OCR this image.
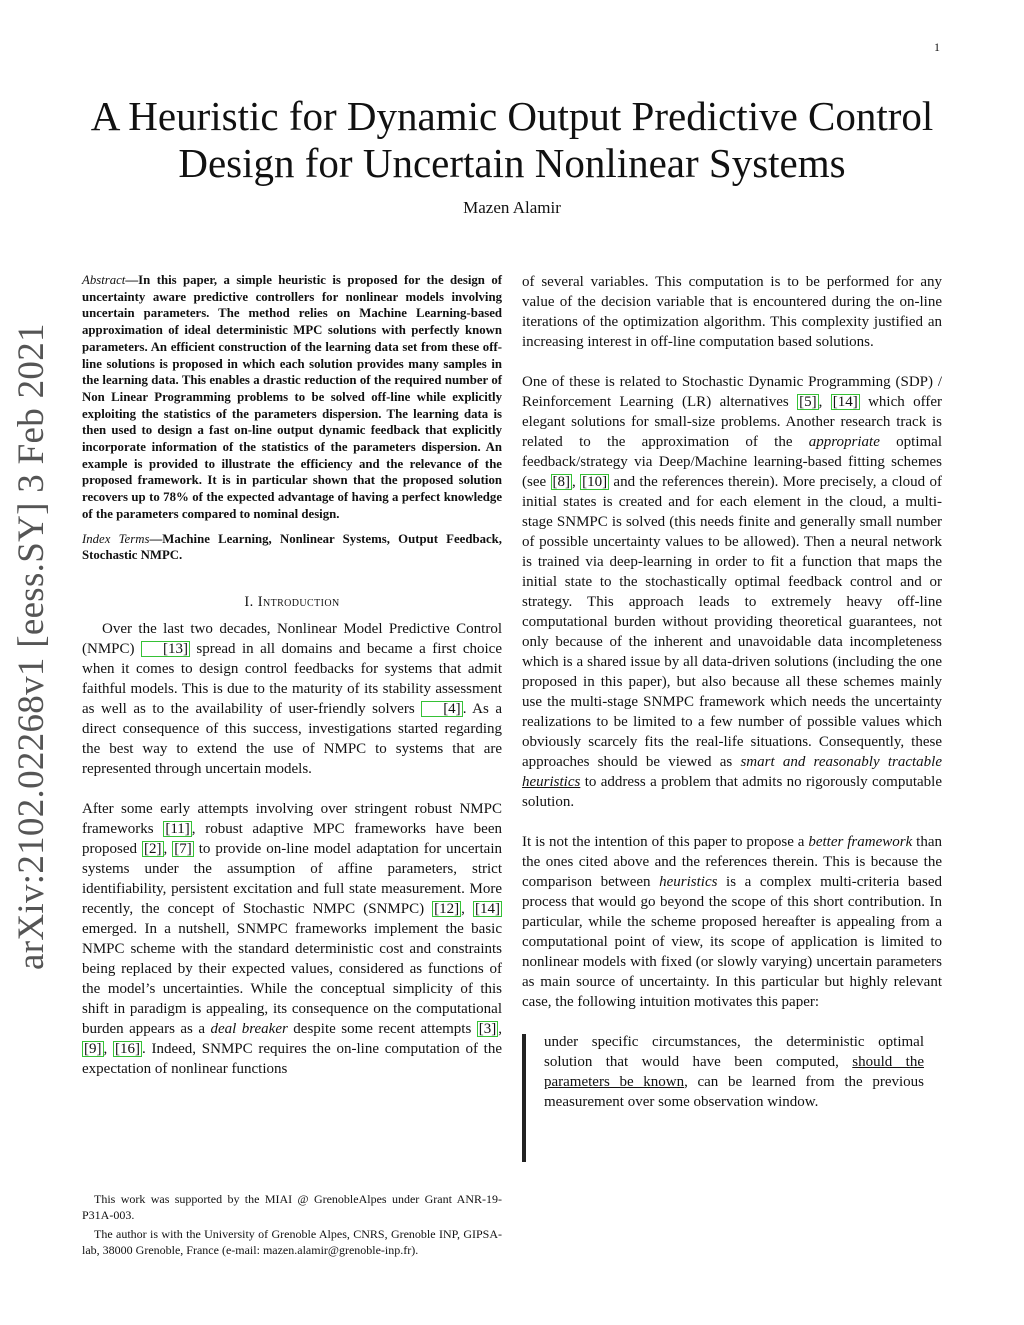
1
arXiv:2102.02268v1 [eess.SY] 3 Feb 2021
A Heuristic for Dynamic Output Predictive Control
Design for Uncertain Nonlinear Systems
Mazen Alamir

Abstract—In this paper, a simple heuristic is proposed for the design of uncertainty aware predictive controllers for nonlinear models involving uncertain parameters. The method relies on Machine Learning-based approximation of ideal deterministic MPC solutions with perfectly known parameters. An efficient construction of the learning data set from these off-line solutions is proposed in which each solution provides many samples in the learning data. This enables a drastic reduction of the required number of Non Linear Programming problems to be solved off-line while explicitly exploiting the statistics of the parameters dispersion. The learning data is then used to design a fast on-line output dynamic feedback that explicitly incorporate information of the statistics of the parameters dispersion. An example is provided to illustrate the efficiency and the relevance of the proposed framework. It is in particular shown that the proposed solution recovers up to 78% of the expected advantage of having a perfect knowledge of the parameters compared to nominal design.

Index Terms—Machine Learning, Nonlinear Systems, Output Feedback, Stochastic NMPC.

I. Introduction

Over the last two decades, Nonlinear Model Predictive Control (NMPC) [13] spread in all domains and became a first choice when it comes to design control feedbacks for systems that admit faithful models. This is due to the maturity of its stability assessment as well as to the availability of user-friendly solvers [4] . As a direct consequence of this success, investigations started regarding the best way to extend the use of NMPC to systems that are represented through uncertain models.

After some early attempts involving over stringent robust NMPC frameworks [11] , robust adaptive MPC frameworks have been proposed [2] , [7] to provide on-line model adaptation for uncertain systems under the assumption of affine parameters, strict identifiability, persistent excitation and full state measurement. More recently, the concept of Stochastic NMPC (SNMPC) [12] , [14] emerged. In a nutshell, SNMPC frameworks implement the basic NMPC scheme with the standard deterministic cost and constraints being replaced by their expected values, considered as functions of the model’s uncertainties. While the conceptual simplicity of this shift in paradigm is appealing, its consequence on the computational burden appears as a deal breaker despite some recent attempts [3] , [9] , [16] . Indeed, SNMPC requires the on-line computation of the expectation of nonlinear functions

of several variables. This computation is to be performed for any value of the decision variable that is encountered during the on-line iterations of the optimization algorithm. This complexity justified an increasing interest in off-line computation based solutions.

One of these is related to Stochastic Dynamic Programming (SDP) / Reinforcement Learning (LR) alternatives [5] , [14] which offer elegant solutions for small-size problems. Another research track is related to the approximation of the appropriate optimal feedback/strategy via Deep/Machine learning-based fitting schemes (see [8] , [10] and the references therein). More precisely, a cloud of initial states is created and for each element in the cloud, a multi-stage SNMPC is solved (this needs finite and generally small number of possible uncertainty values to be allowed). Then a neural network is trained via deep-learning in order to fit a function that maps the initial state to the stochastically optimal feedback control and or strategy. This approach leads to extremely heavy off-line computational burden without providing theoretical guarantees, not only because of the inherent and unavoidable data incompleteness which is a shared issue by all data-driven solutions (including the one proposed in this paper), but also because all these schemes mainly use the multi-stage SNMPC framework which needs the uncertainty realizations to be limited to a few number of possible values which obviously scarcely fits the real-life situations. Consequently, these approaches should be viewed as smart and reasonably tractable heuristics to address a problem that admits no rigorously computable solution.

It is not the intention of this paper to propose a better framework than the ones cited above and the references therein. This is because the comparison between heuristics is a complex multi-criteria based process that would go beyond the scope of this short contribution. In particular, while the scheme proposed hereafter is appealing from a computational point of view, its scope of application is limited to nonlinear models with fixed (or slowly varying) uncertain parameters as main source of uncertainty. In this particular but highly relevant case, the following intuition motivates this paper:

under specific circumstances, the deterministic optimal solution that would have been computed, should the parameters be known, can be learned from the previous measurement over some observation window.

This work was supported by the MIAI @ GrenobleAlpes under Grant ANR-19-P31A-003.

The author is with the University of Grenoble Alpes, CNRS, Grenoble INP, GIPSA-lab, 38000 Grenoble, France (e-mail: mazen.alamir@grenoble-inp.fr).
